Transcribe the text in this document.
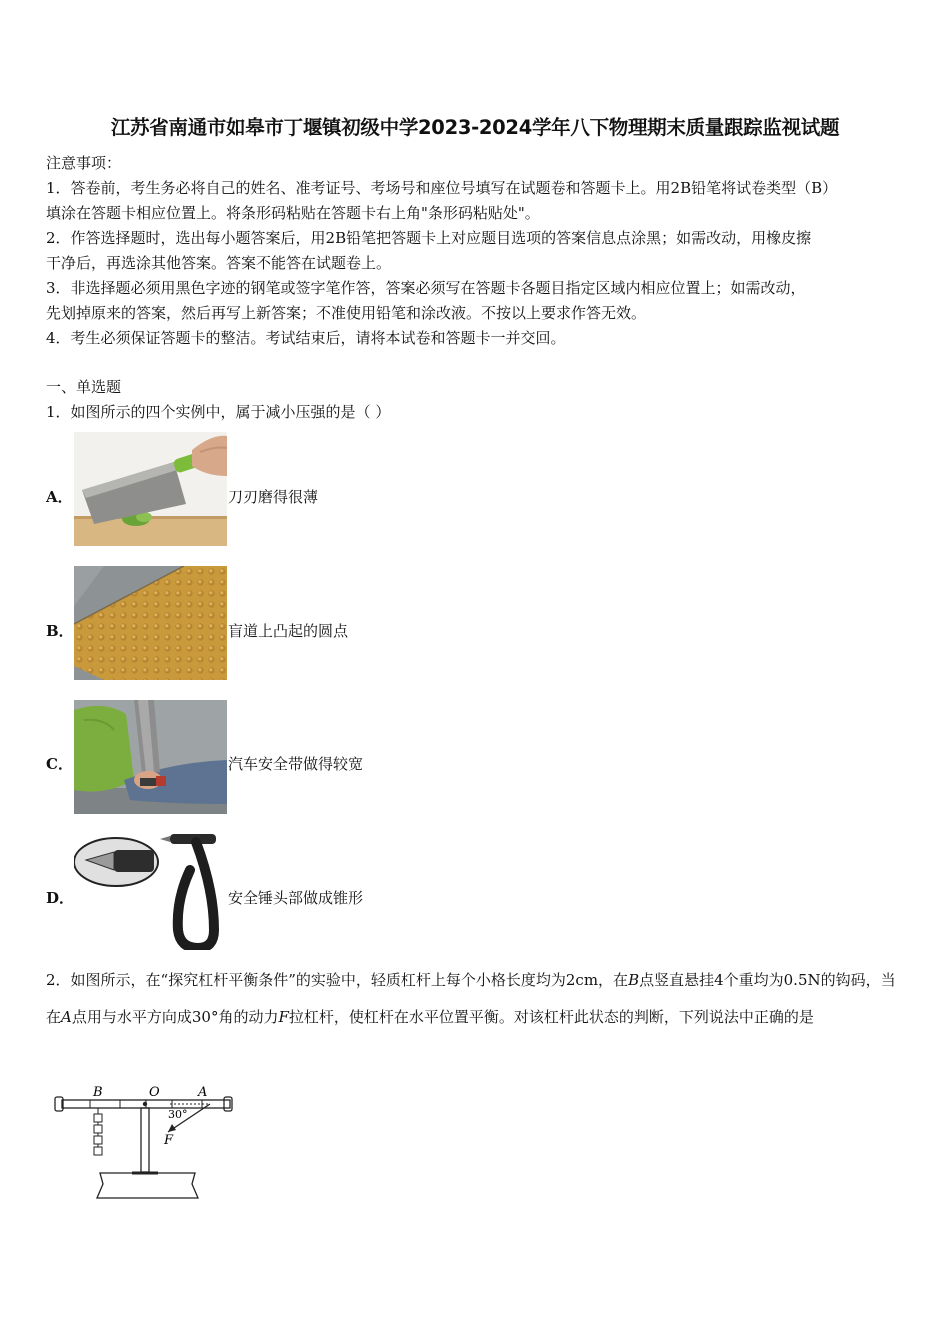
江苏省南通市如皋市丁堰镇初级中学2023-2024学年八下物理期末质量跟踪监视试题
注意事项：
1．答卷前，考生务必将自己的姓名、准考证号、考场号和座位号填写在试题卷和答题卡上。用2B铅笔将试卷类型（B）
填涂在答题卡相应位置上。将条形码粘贴在答题卡右上角"条形码粘贴处"。
2．作答选择题时，选出每小题答案后，用2B铅笔把答题卡上对应题目选项的答案信息点涂黑；如需改动，用橡皮擦
干净后，再选涂其他答案。答案不能答在试题卷上。
3．非选择题必须用黑色字迹的钢笔或签字笔作答，答案必须写在答题卡各题目指定区域内相应位置上；如需改动，
先划掉原来的答案，然后再写上新答案；不准使用铅笔和涂改液。不按以上要求作答无效。
4．考生必须保证答题卡的整洁。考试结束后，请将本试卷和答题卡一并交回。
一、单选题
1．如图所示的四个实例中，属于减小压强的是（ ）
A．	刀刃磨得很薄
B．	盲道上凸起的圆点
C．	汽车安全带做得较宽
D．	安全锤头部做成锥形
2．如图所示，在“探究杠杆平衡条件”的实验中，轻质杠杆上每个小格长度均为2cm，在B点竖直悬挂4个重均为0.5N的钩码，当在A点用与水平方向成30°角的动力F拉杠杆，使杠杆在水平位置平衡。对该杠杆此状态的判断，下列说法中正确的是
B	O	A
30°
F
